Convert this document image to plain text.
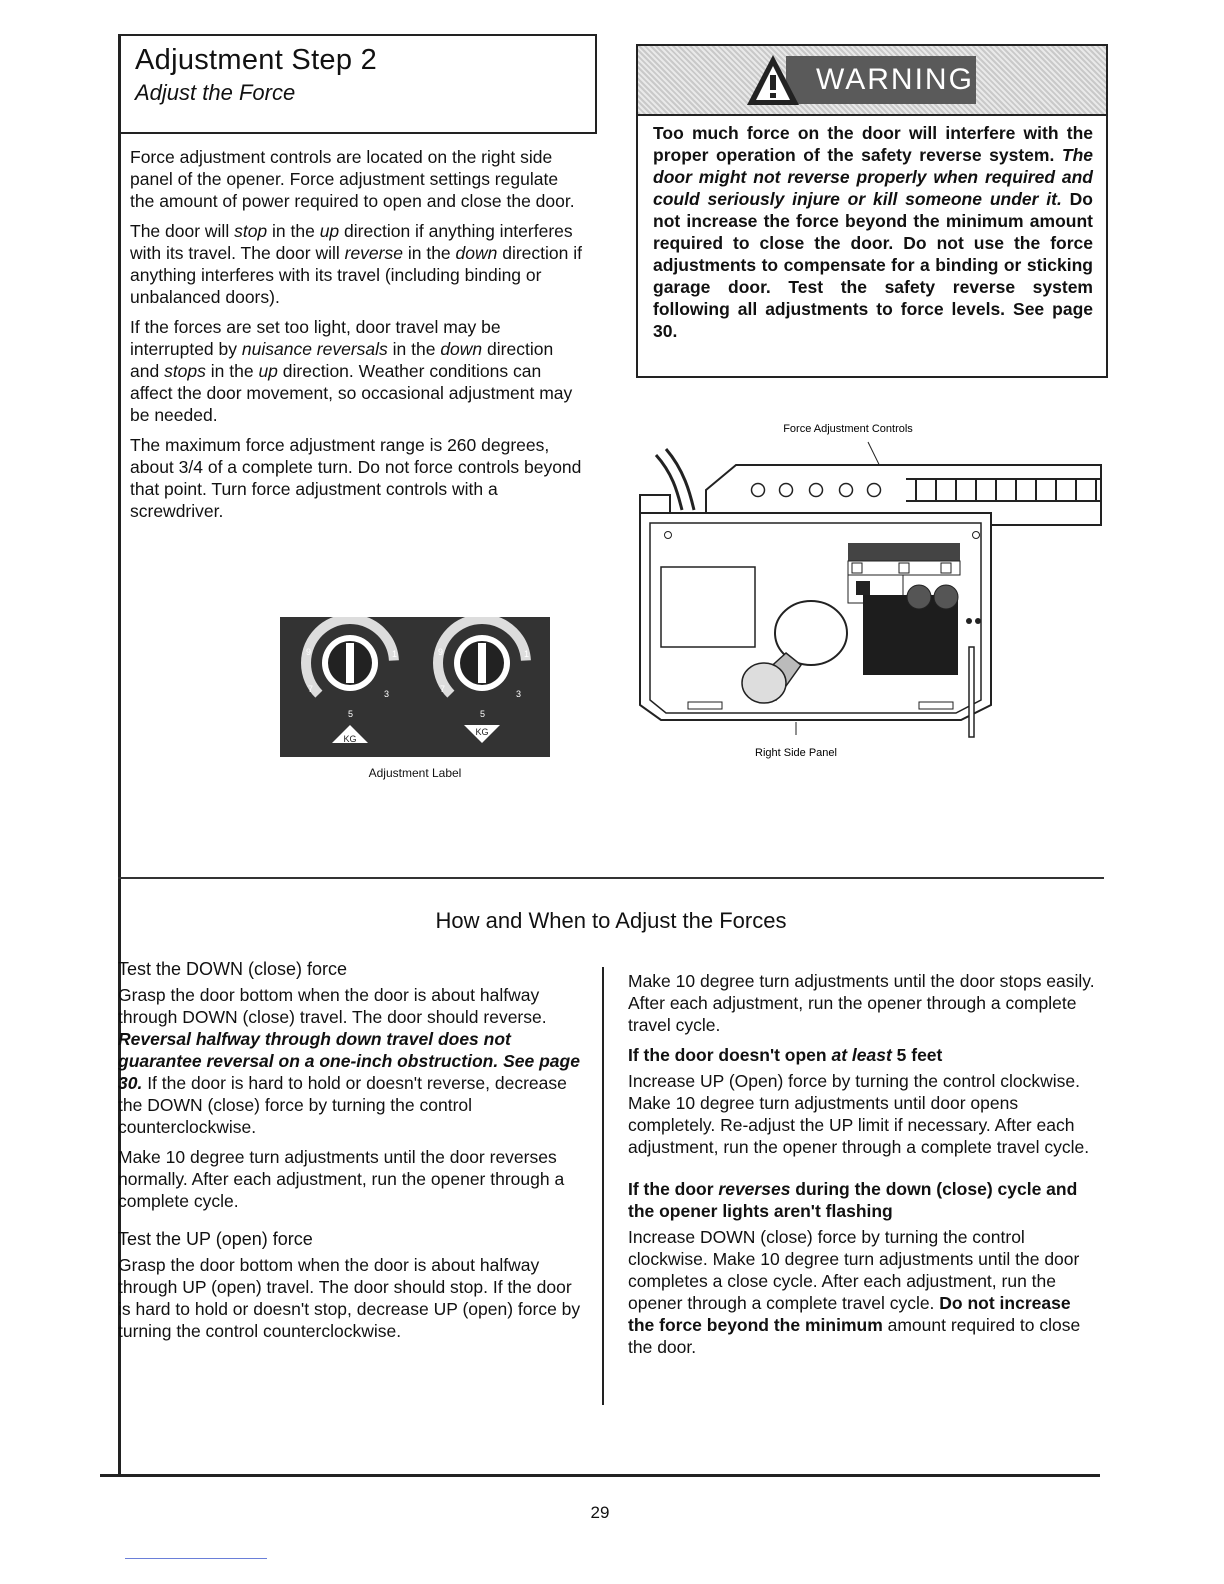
Adjustment Step 2
Adjust the Force

Force adjustment controls are located on the right side panel of the opener. Force adjustment settings regulate the amount of power required to open and close the door.

The door will stop in the up direction if anything interferes with its travel. The door will reverse in the down direction if anything interferes with its travel (including binding or unbalanced doors).

If the forces are set too light, door travel may be interrupted by nuisance reversals in the down direction and stops in the up direction. Weather conditions can affect the door movement, so occasional adjustment may be needed.

The maximum force adjustment range is 260 degrees, about 3/4 of a complete turn. Do not force controls beyond that point. Turn force adjustment controls with a screwdriver.

WARNING
Too much force on the door will interfere with the proper operation of the safety reverse system. The door might not reverse properly when required and could seriously injure or kill someone under it. Do not increase the force beyond the minimum amount required to close the door. Do not use the force adjustments to compensate for a binding or sticking garage door. Test the safety reverse system following all adjustments to force levels. See page 30.
Force Adjustment Controls
Right Side Panel
9
7
5
3
1
KG
9
7
5
3
1
KG
Adjustment Label
How and When to Adjust the Forces

Test the DOWN (close) force

Grasp the door bottom when the door is about halfway through DOWN (close) travel. The door should reverse. Reversal halfway through down travel does not guarantee reversal on a one-inch obstruction. See page 30. If the door is hard to hold or doesn't reverse, decrease the DOWN (close) force by turning the control counterclockwise.

Make 10 degree turn adjustments until the door reverses normally. After each adjustment, run the opener through a complete cycle.

Test the UP (open) force

Grasp the door bottom when the door is about halfway through UP (open) travel. The door should stop. If the door is hard to hold or doesn't stop, decrease UP (open) force by turning the control counterclockwise.

Make 10 degree turn adjustments until the door stops easily. After each adjustment, run the opener through a complete travel cycle.

If the door doesn't open at least 5 feet

Increase UP (Open) force by turning the control clockwise. Make 10 degree turn adjustments until door opens completely. Re-adjust the UP limit if necessary. After each adjustment, run the opener through a complete travel cycle.

If the door reverses during the down (close) cycle and the opener lights aren't flashing

Increase DOWN (close) force by turning the control clockwise. Make 10 degree turn adjustments until the door completes a close cycle. After each adjustment, run the opener through a complete travel cycle. Do not increase the force beyond the minimum amount required to close the door.

29
